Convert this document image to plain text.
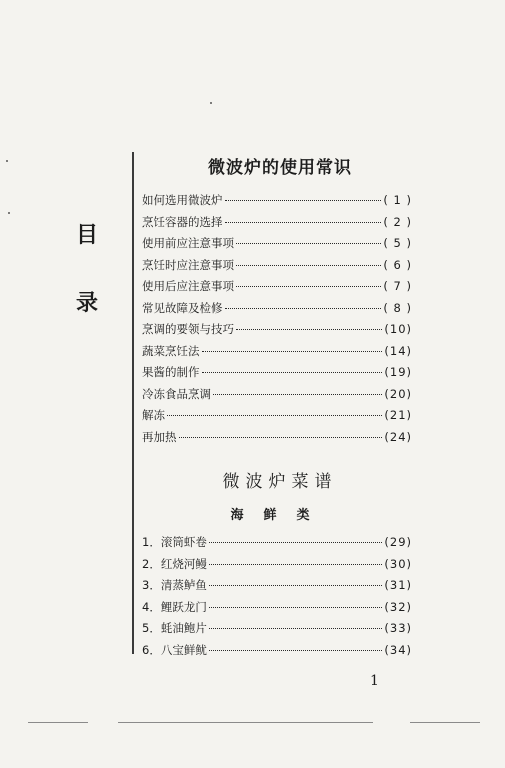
目
录
微波炉的使用常识
如何选用微波炉	( 1 )
烹饪容器的选择	( 2 )
使用前应注意事项	( 5 )
烹饪时应注意事项	( 6 )
使用后应注意事项	( 7 )
常见故障及检修	( 8 )
烹调的要领与技巧	(10)
蔬菜烹饪法	(14)
果酱的制作	(19)
冷冻食品烹调	(20)
解冻	(21)
再加热	(24)
微波炉菜谱
海鲜类
1．滚筒虾卷	(29)
2．红烧河鳗	(30)
3．清蒸鲈鱼	(31)
4．鲤跃龙门	(32)
5．蚝油鲍片	(33)
6．八宝鲜鱿	(34)
1
